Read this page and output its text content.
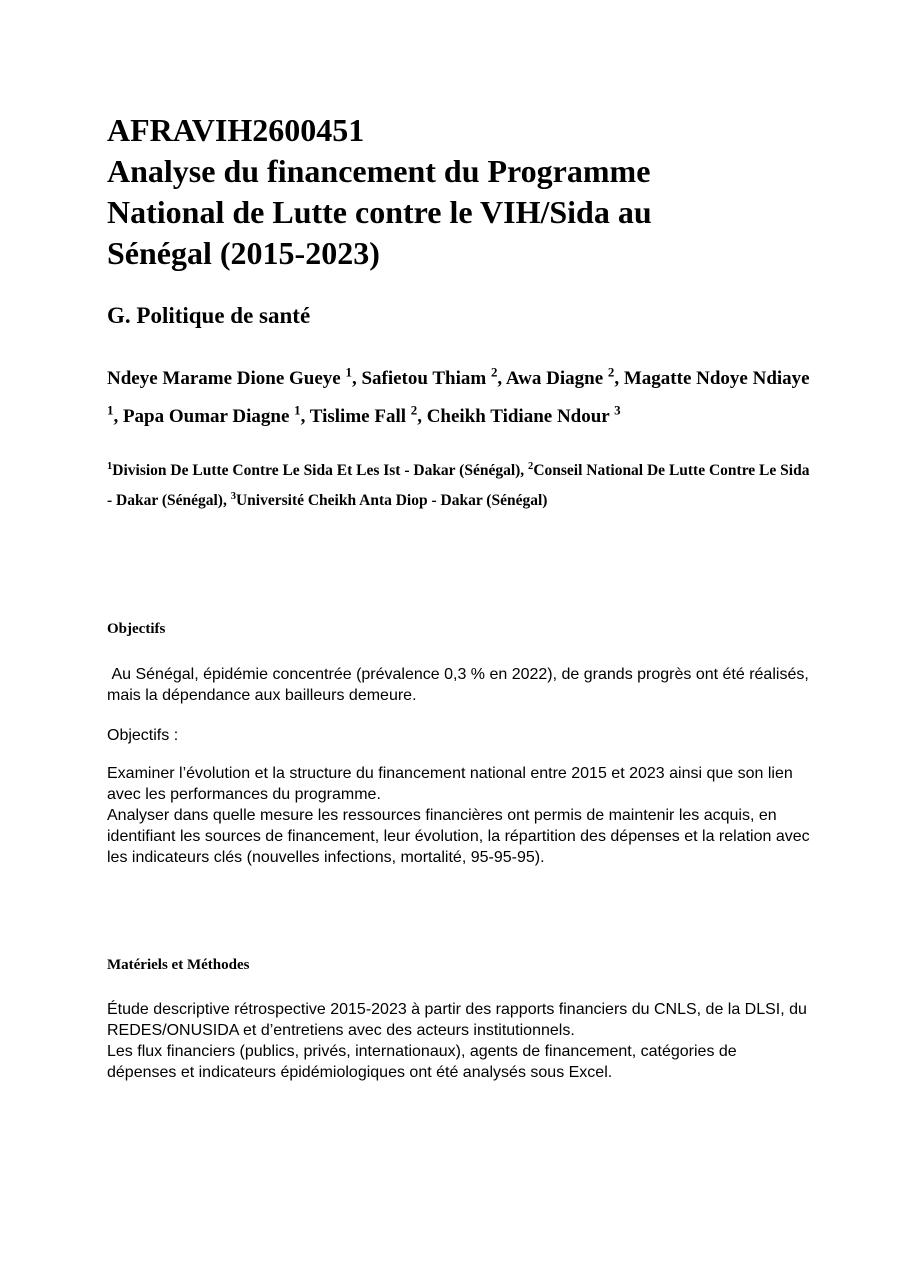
AFRAVIH2600451
Analyse du financement du Programme
National de Lutte contre le VIH/Sida au
Sénégal (2015-2023)
G. Politique de santé

Ndeye Marame Dione Gueye $^1$, Safietou Thiam $^2$, Awa Diagne $^2$, Magatte Ndoye Ndiaye $^1$, Papa Oumar Diagne $^1$, Tislime Fall $^2$, Cheikh Tidiane Ndour $^3$

$^1$Division De Lutte Contre Le Sida Et Les Ist - Dakar (Sénégal), $^2$Conseil National De Lutte Contre Le Sida - Dakar (Sénégal), $^3$Université Cheikh Anta Diop - Dakar (Sénégal)

Objectifs
Au Sénégal, épidémie concentrée (prévalence 0,3 % en 2022), de grands progrès ont été réalisés, mais la dépendance aux bailleurs demeure.
Objectifs :
Examiner l’évolution et la structure du financement national entre 2015 et 2023 ainsi que son lien avec les performances du programme.
Analyser dans quelle mesure les ressources financières ont permis de maintenir les acquis, en identifiant les sources de financement, leur évolution, la répartition des dépenses et la relation avec les indicateurs clés (nouvelles infections, mortalité, 95-95-95).
Matériels et Méthodes
Étude descriptive rétrospective 2015-2023 à partir des rapports financiers du CNLS, de la DLSI, du REDES/ONUSIDA et d’entretiens avec des acteurs institutionnels.
Les flux financiers (publics, privés, internationaux), agents de financement, catégories de dépenses et indicateurs épidémiologiques ont été analysés sous Excel.
